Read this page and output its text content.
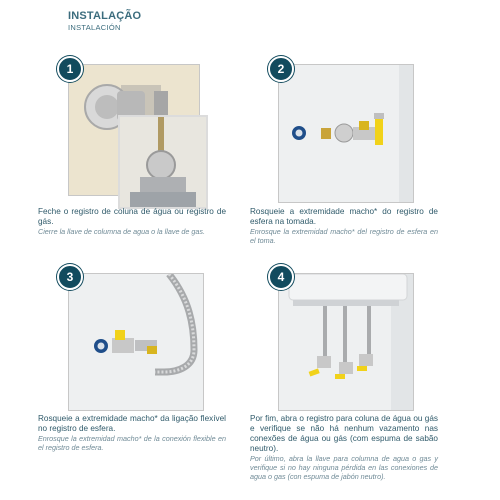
INSTALAÇÃO
INSTALACIÓN
1
Feche o registro de coluna de água ou registro de gás.
Cierre la llave de columna de agua o la llave de gas.
2
Rosqueie a extremidade macho* do registro de esfera na tomada.
Enrosque la extremidad macho* del registro de esfera en el toma.
3
Rosqueie a extremidade macho* da ligação flexível no registro de esfera.
Enrosque la extremidad macho* de la conexión flexible en el registro de esfera.
4
Por fim, abra o registro para coluna de água ou gás e verifique se não há nenhum vazamento nas conexões de água ou gás (com espuma de sabão neutro).
Por último, abra la llave para columna de agua o gas y verifique si no hay ninguna pérdida en las conexiones de agua o gas (con espuma de jabón neutro).
